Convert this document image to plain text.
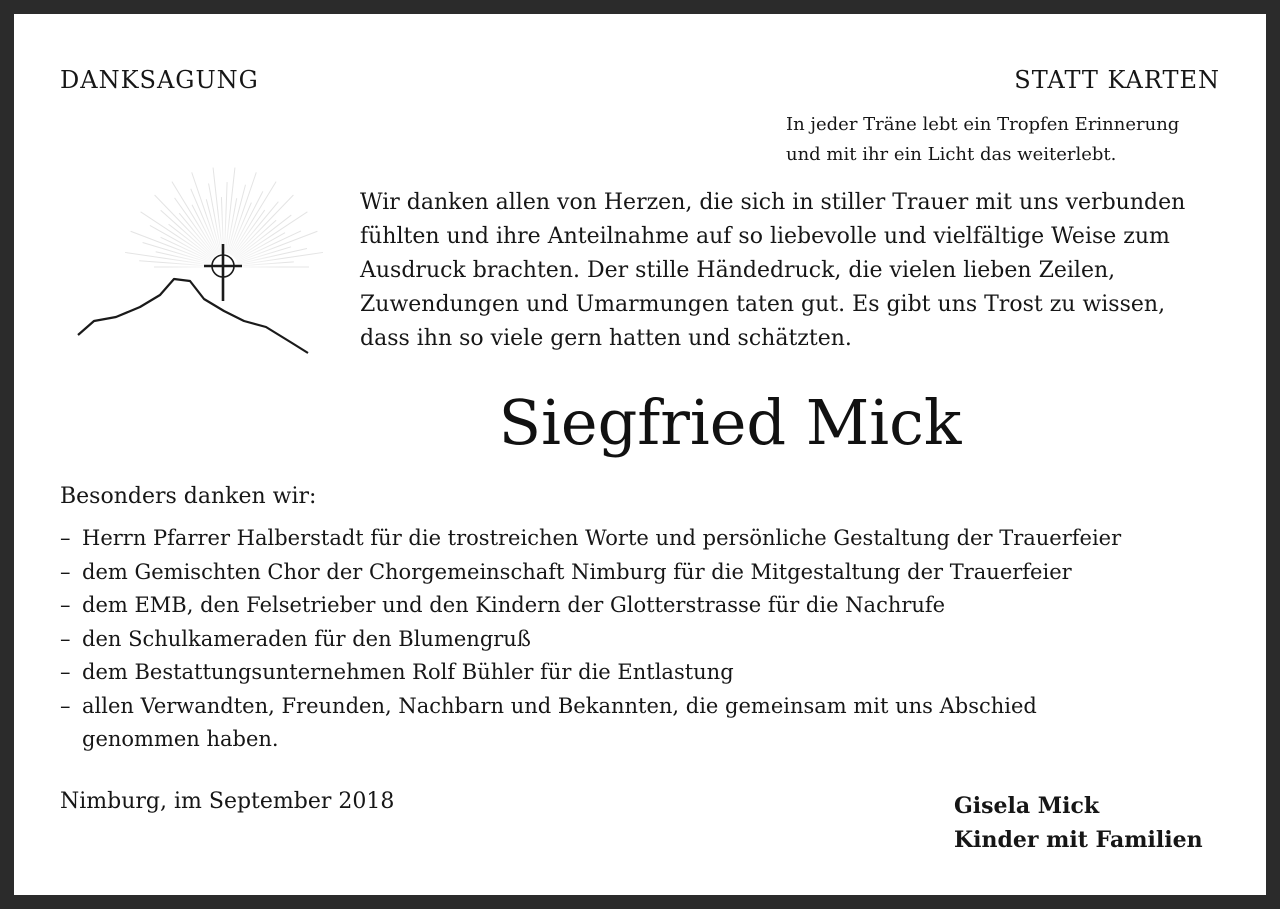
DANKSAGUNG	STATT KARTEN
In jeder Träne lebt ein Tropfen Erinnerung
und mit ihr ein Licht das weiterlebt.
Wir danken allen von Herzen, die sich in stiller Trauer mit uns verbunden
fühlten und ihre Anteilnahme auf so liebevolle und vielfältige Weise zum
Ausdruck brachten. Der stille Händedruck, die vielen lieben Zeilen,
Zuwendungen und Umarmungen taten gut. Es gibt uns Trost zu wissen,
dass ihn so viele gern hatten und schätzten.
Siegfried Mick
Besonders danken wir:
– Herrn Pfarrer Halberstadt für die trostreichen Worte und persönliche Gestaltung der Trauerfeier
– dem Gemischten Chor der Chorgemeinschaft Nimburg für die Mitgestaltung der Trauerfeier
– dem EMB, den Felsetrieber und den Kindern der Glotterstrasse für die Nachrufe
– den Schulkameraden für den Blumengruß
– dem Bestattungsunternehmen Rolf Bühler für die Entlastung
– allen Verwandten, Freunden, Nachbarn und Bekannten, die gemeinsam mit uns Abschied
genommen haben.
Nimburg, im September 2018	Gisela Mick
Kinder mit Familien
